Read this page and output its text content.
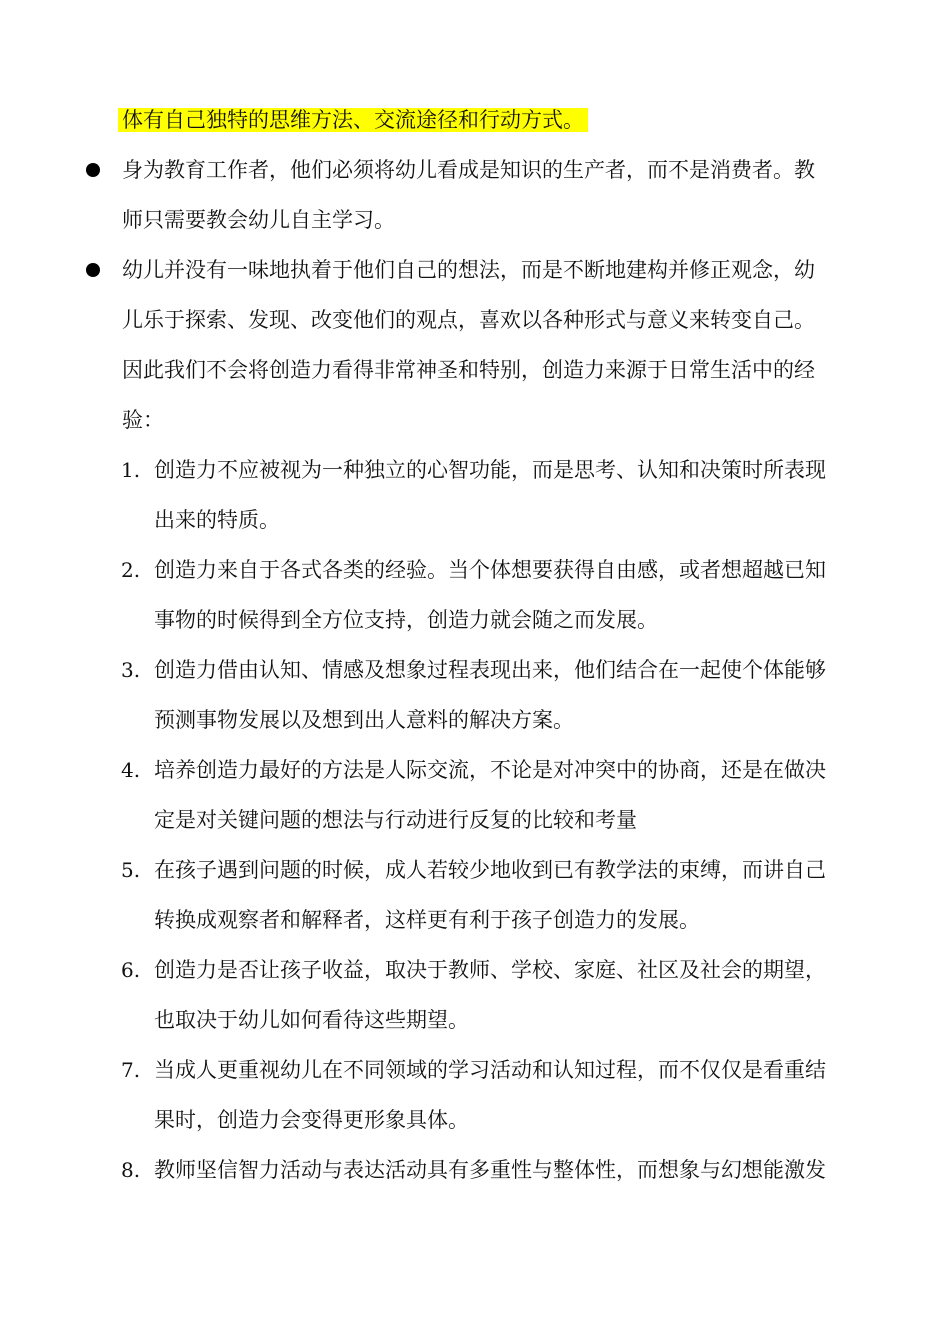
体有自己独特的思维方法、交流途径和行动方式。
身为教育工作者，他们必须将幼儿看成是知识的生产者，而不是消费者。教
师只需要教会幼儿自主学习。
幼儿并没有一味地执着于他们自己的想法，而是不断地建构并修正观念，幼
儿乐于探索、发现、改变他们的观点，喜欢以各种形式与意义来转变自己。
因此我们不会将创造力看得非常神圣和特别，创造力来源于日常生活中的经
验：
1. 创造力不应被视为一种独立的心智功能，而是思考、认知和决策时所表现
出来的特质。
2. 创造力来自于各式各类的经验。当个体想要获得自由感，或者想超越已知
事物的时候得到全方位支持，创造力就会随之而发展。
3. 创造力借由认知、情感及想象过程表现出来，他们结合在一起使个体能够
预测事物发展以及想到出人意料的解决方案。
4. 培养创造力最好的方法是人际交流，不论是对冲突中的协商，还是在做决
定是对关键问题的想法与行动进行反复的比较和考量
5. 在孩子遇到问题的时候，成人若较少地收到已有教学法的束缚，而讲自己
转换成观察者和解释者，这样更有利于孩子创造力的发展。
6. 创造力是否让孩子收益，取决于教师、学校、家庭、社区及社会的期望，
也取决于幼儿如何看待这些期望。
7. 当成人更重视幼儿在不同领域的学习活动和认知过程，而不仅仅是看重结
果时，创造力会变得更形象具体。
8. 教师坚信智力活动与表达活动具有多重性与整体性，而想象与幻想能激发
